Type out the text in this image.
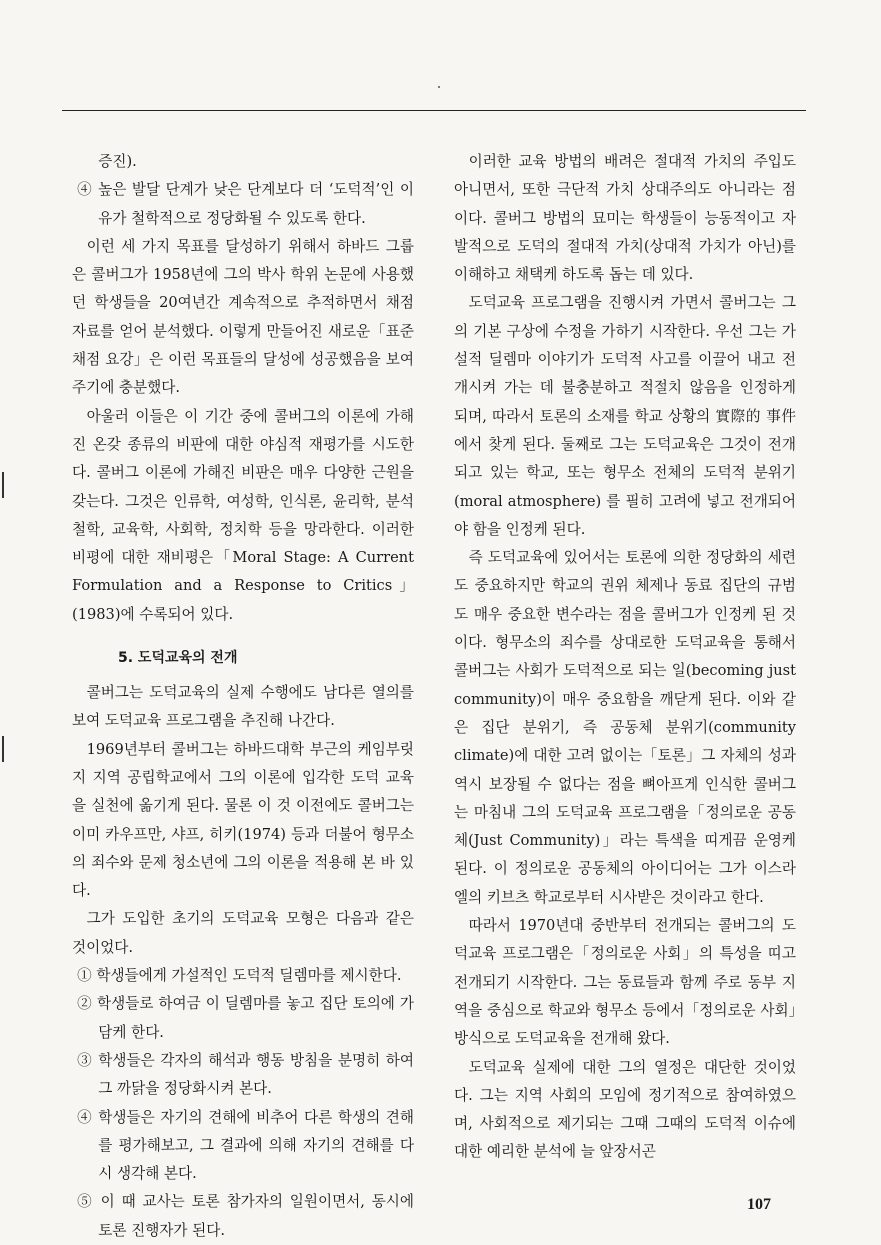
증진).

④ 높은 발달 단계가 낮은 단계보다 더 ‘도덕적’인 이유가 철학적으로 정당화될 수 있도록 한다.

이런 세 가지 목표를 달성하기 위해서 하바드 그룹은 콜버그가 1958년에 그의 박사 학위 논문에 사용했던 학생들을 20여년간 계속적으로 추적하면서 채점 자료를 얻어 분석했다. 이렇게 만들어진 새로운「표준 채점 요강」은 이런 목표들의 달성에 성공했음을 보여 주기에 충분했다.

아울러 이들은 이 기간 중에 콜버그의 이론에 가해진 온갖 종류의 비판에 대한 야심적 재평가를 시도한다. 콜버그 이론에 가해진 비판은 매우 다양한 근원을 갖는다. 그것은 인류학, 여성학, 인식론, 윤리학, 분석철학, 교육학, 사회학, 정치학 등을 망라한다. 이러한 비평에 대한 재비평은「Moral Stage: A Current Formulation and a Response to Critics」(1983)에 수록되어 있다.

5. 도덕교육의 전개

콜버그는 도덕교육의 실제 수행에도 남다른 열의를 보여 도덕교육 프로그램을 추진해 나간다.

1969년부터 콜버그는 하바드대학 부근의 케임부릿지 지역 공립학교에서 그의 이론에 입각한 도덕 교육을 실천에 옮기게 된다. 물론 이 것 이전에도 콜버그는 이미 카우프만, 샤프, 히키(1974) 등과 더불어 형무소의 죄수와 문제 청소년에 그의 이론을 적용해 본 바 있다.

그가 도입한 초기의 도덕교육 모형은 다음과 같은 것이었다.

① 학생들에게 가설적인 도덕적 딜렘마를 제시한다.

② 학생들로 하여금 이 딜렘마를 놓고 집단 토의에 가담케 한다.

③ 학생들은 각자의 해석과 행동 방침을 분명히 하여 그 까닭을 정당화시켜 본다.

④ 학생들은 자기의 견해에 비추어 다른 학생의 견해를 평가해보고, 그 결과에 의해 자기의 견해를 다시 생각해 본다.

⑤ 이 때 교사는 토론 참가자의 일원이면서, 동시에 토론 진행자가 된다.

이러한 교육 방법의 배려은 절대적 가치의 주입도 아니면서, 또한 극단적 가치 상대주의도 아니라는 점이다. 콜버그 방법의 묘미는 학생들이 능동적이고 자발적으로 도덕의 절대적 가치(상대적 가치가 아닌)를 이해하고 채택케 하도록 돕는 데 있다.

도덕교육 프로그램을 진행시켜 가면서 콜버그는 그의 기본 구상에 수정을 가하기 시작한다. 우선 그는 가설적 딜렘마 이야기가 도덕적 사고를 이끌어 내고 전개시켜 가는 데 불충분하고 적절치 않음을 인정하게 되며, 따라서 토론의 소재를 학교 상황의 實際的 事件에서 찾게 된다. 둘째로 그는 도덕교육은 그것이 전개되고 있는 학교, 또는 형무소 전체의 도덕적 분위기(moral atmosphere) 를 필히 고려에 넣고 전개되어야 함을 인정케 된다.

즉 도덕교육에 있어서는 토론에 의한 정당화의 세련도 중요하지만 학교의 권위 체제나 동료 집단의 규범도 매우 중요한 변수라는 점을 콜버그가 인정케 된 것이다. 형무소의 죄수를 상대로한 도덕교육을 통해서 콜버그는 사회가 도덕적으로 되는 일(becoming just community)이 매우 중요함을 깨닫게 된다. 이와 같은 집단 분위기, 즉 공동체 분위기(community climate)에 대한 고려 없이는「토론」그 자체의 성과 역시 보장될 수 없다는 점을 뼈아프게 인식한 콜버그는 마침내 그의 도덕교육 프로그램을「정의로운 공동체(Just Community)」라는 특색을 띠게끔 운영케 된다. 이 정의로운 공동체의 아이디어는 그가 이스라엘의 키브츠 학교로부터 시사받은 것이라고 한다.

따라서 1970년대 중반부터 전개되는 콜버그의 도덕교육 프로그램은「정의로운 사회」의 특성을 띠고 전개되기 시작한다. 그는 동료들과 함께 주로 동부 지역을 중심으로 학교와 형무소 등에서「정의로운 사회」방식으로 도덕교육을 전개해 왔다.

도덕교육 실제에 대한 그의 열정은 대단한 것이었다. 그는 지역 사회의 모임에 정기적으로 참여하였으며, 사회적으로 제기되는 그때 그때의 도덕적 이슈에 대한 예리한 분석에 늘 앞장서곤

107
